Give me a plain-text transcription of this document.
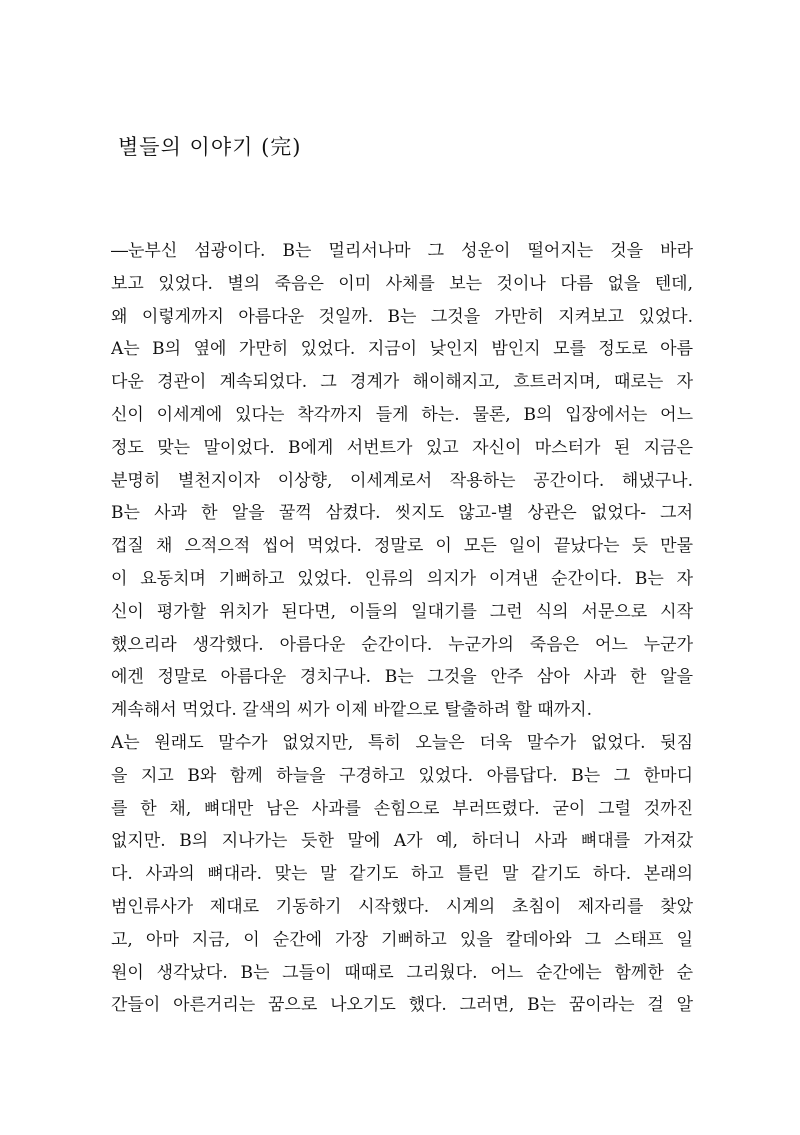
별들의 이야기 (完)
―눈부신 섬광이다. B는 멀리서나마 그 성운이 떨어지는 것을 바라
보고 있었다. 별의 죽음은 이미 사체를 보는 것이나 다름 없을 텐데,
왜 이렇게까지 아름다운 것일까. B는 그것을 가만히 지켜보고 있었다.
A는 B의 옆에 가만히 있었다. 지금이 낮인지 밤인지 모를 정도로 아름
다운 경관이 계속되었다. 그 경계가 해이해지고, 흐트러지며, 때로는 자
신이 이세계에 있다는 착각까지 들게 하는. 물론, B의 입장에서는 어느
정도 맞는 말이었다. B에게 서번트가 있고 자신이 마스터가 된 지금은
분명히 별천지이자 이상향, 이세계로서 작용하는 공간이다. 해냈구나.
B는 사과 한 알을 꿀꺽 삼켰다. 씻지도 않고-별 상관은 없었다- 그저
껍질 채 으적으적 씹어 먹었다. 정말로 이 모든 일이 끝났다는 듯 만물
이 요동치며 기뻐하고 있었다. 인류의 의지가 이겨낸 순간이다. B는 자
신이 평가할 위치가 된다면, 이들의 일대기를 그런 식의 서문으로 시작
했으리라 생각했다. 아름다운 순간이다. 누군가의 죽음은 어느 누군가
에겐 정말로 아름다운 경치구나. B는 그것을 안주 삼아 사과 한 알을
계속해서 먹었다. 갈색의 씨가 이제 바깥으로 탈출하려 할 때까지.
A는 원래도 말수가 없었지만, 특히 오늘은 더욱 말수가 없었다. 뒷짐
을 지고 B와 함께 하늘을 구경하고 있었다. 아름답다. B는 그 한마디
를 한 채, 뼈대만 남은 사과를 손힘으로 부러뜨렸다. 굳이 그럴 것까진
없지만. B의 지나가는 듯한 말에 A가 예, 하더니 사과 뼈대를 가져갔
다. 사과의 뼈대라. 맞는 말 같기도 하고 틀린 말 같기도 하다. 본래의
범인류사가 제대로 기동하기 시작했다. 시계의 초침이 제자리를 찾았
고, 아마 지금, 이 순간에 가장 기뻐하고 있을 칼데아와 그 스태프 일
원이 생각났다. B는 그들이 때때로 그리웠다. 어느 순간에는 함께한 순
간들이 아른거리는 꿈으로 나오기도 했다. 그러면, B는 꿈이라는 걸 알
